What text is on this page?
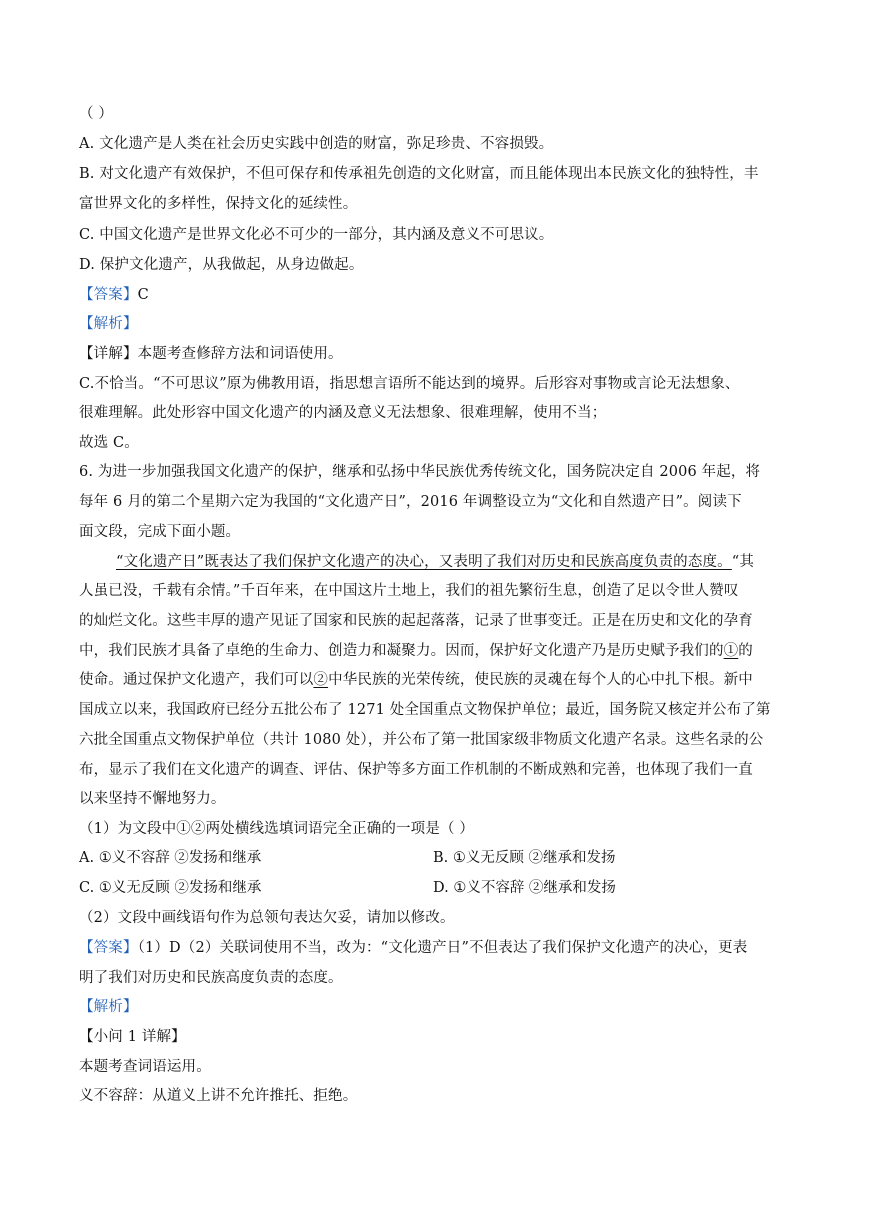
（ ）
A. 文化遗产是人类在社会历史实践中创造的财富，弥足珍贵、不容损毁。
B. 对文化遗产有效保护，不但可保存和传承祖先创造的文化财富，而且能体现出本民族文化的独特性，丰
富世界文化的多样性，保持文化的延续性。
C. 中国文化遗产是世界文化必不可少的一部分，其内涵及意义不可思议。
D. 保护文化遗产，从我做起，从身边做起。
【答案】C
【解析】
【详解】本题考查修辞方法和词语使用。
C.不恰当。“不可思议”原为佛教用语，指思想言语所不能达到的境界。后形容对事物或言论无法想象、
很难理解。此处形容中国文化遗产的内涵及意义无法想象、很难理解，使用不当；
故选 C。
6. 为进一步加强我国文化遗产的保护，继承和弘扬中华民族优秀传统文化，国务院决定自 2006 年起，将
每年 6 月的第二个星期六定为我国的“文化遗产日”，2016 年调整设立为“文化和自然遗产日”。阅读下
面文段，完成下面小题。
“文化遗产日”既表达了我们保护文化遗产的决心，又表明了我们对历史和民族高度负责的态度。“其
人虽已没，千载有余情。”千百年来，在中国这片土地上，我们的祖先繁衍生息，创造了足以令世人赞叹
的灿烂文化。这些丰厚的遗产见证了国家和民族的起起落落，记录了世事变迁。正是在历史和文化的孕育
中，我们民族才具备了卓绝的生命力、创造力和凝聚力。因而，保护好文化遗产乃是历史赋予我们的①的
使命。通过保护文化遗产，我们可以②中华民族的光荣传统，使民族的灵魂在每个人的心中扎下根。新中
国成立以来，我国政府已经分五批公布了 1271 处全国重点文物保护单位；最近，国务院又核定并公布了第
六批全国重点文物保护单位（共计 1080 处），并公布了第一批国家级非物质文化遗产名录。这些名录的公
布，显示了我们在文化遗产的调查、评估、保护等多方面工作机制的不断成熟和完善，也体现了我们一直
以来坚持不懈地努力。
（1）为文段中①②两处横线选填词语完全正确的一项是（ ）
A. ①义不容辞 ②发扬和继承	B. ①义无反顾 ②继承和发扬
C. ①义无反顾 ②发扬和继承	D. ①义不容辞 ②继承和发扬
（2）文段中画线语句作为总领句表达欠妥，请加以修改。
【答案】（1）D（2）关联词使用不当，改为：“文化遗产日”不但表达了我们保护文化遗产的决心，更表
明了我们对历史和民族高度负责的态度。
【解析】
【小问 1 详解】
本题考查词语运用。
义不容辞：从道义上讲不允许推托、拒绝。
